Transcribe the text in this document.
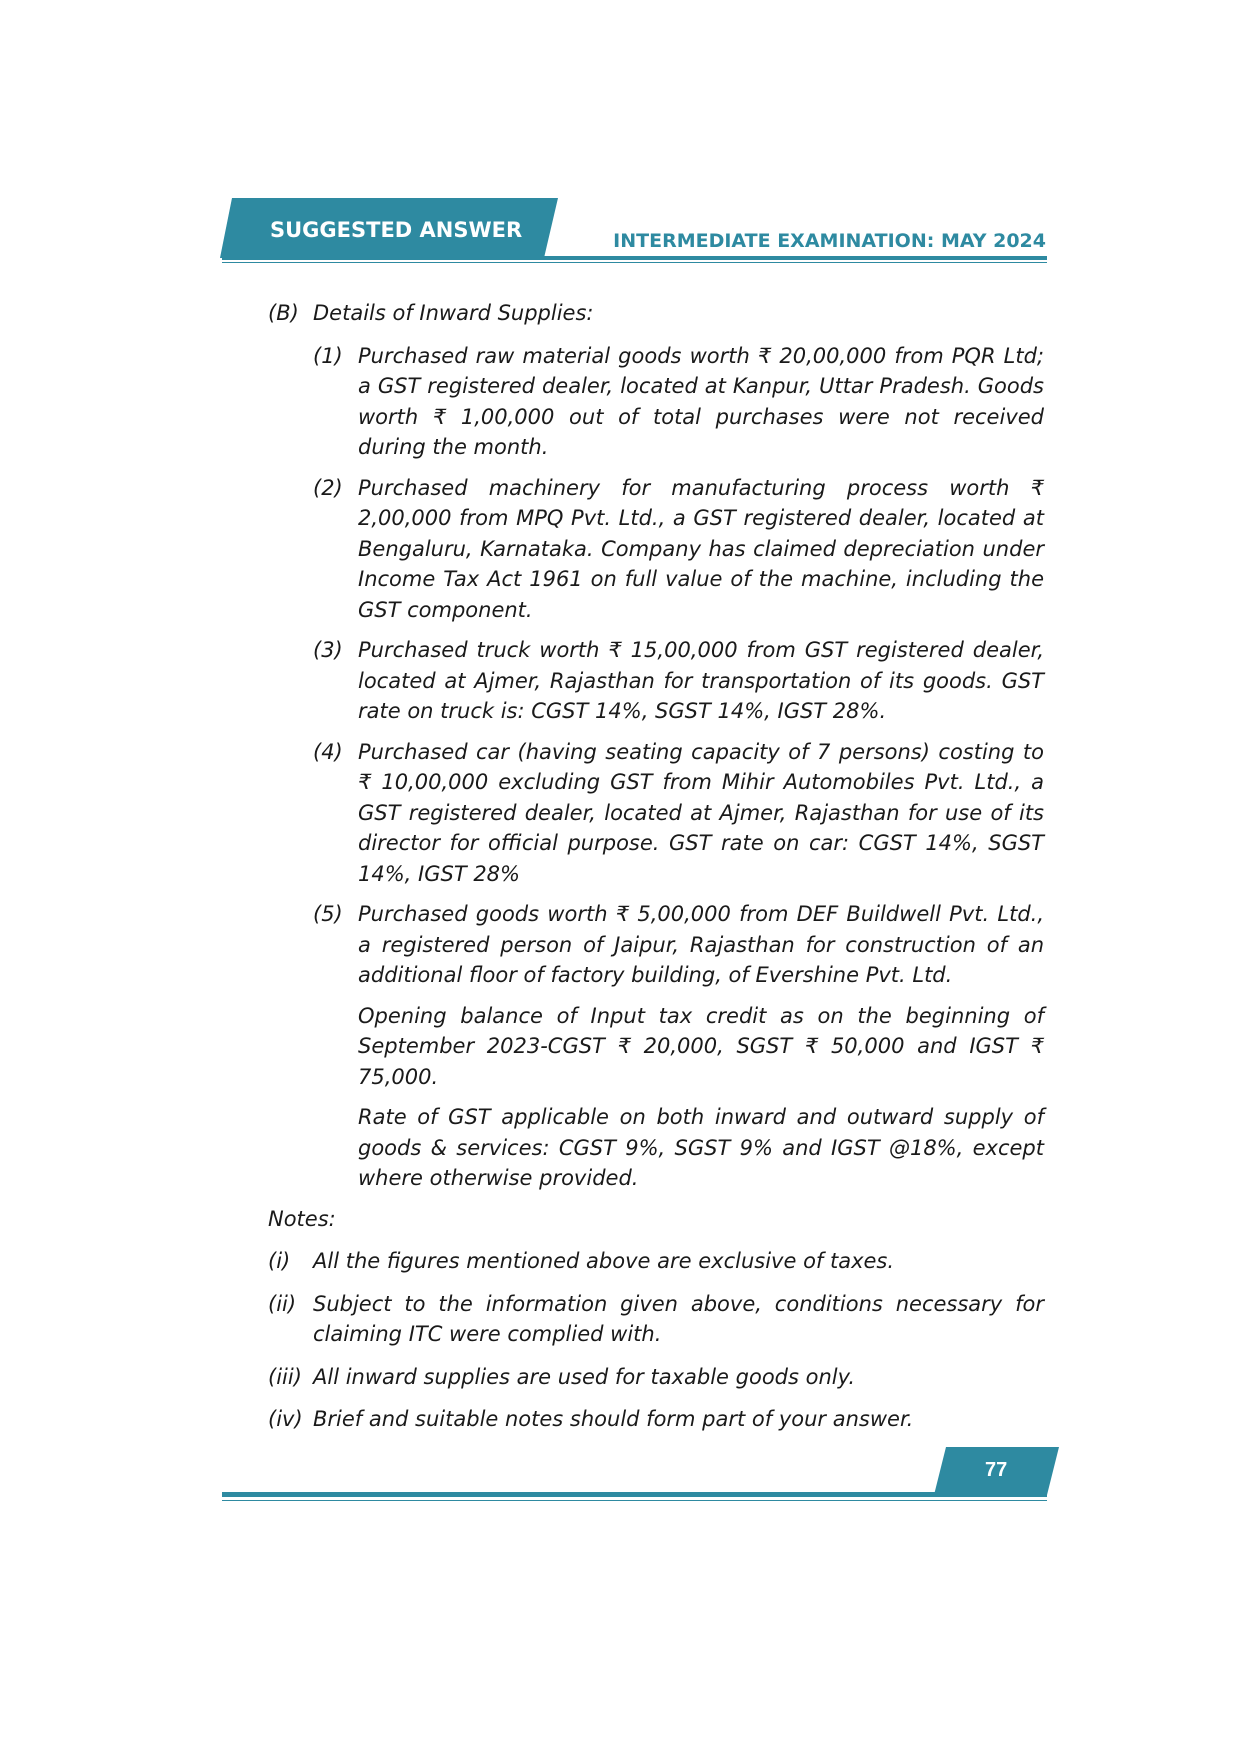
SUGGESTED ANSWER	INTERMEDIATE EXAMINATION: MAY 2024
(B) Details of Inward Supplies:
(1) Purchased raw material goods worth ₹ 20,00,000 from PQR Ltd; a GST registered dealer, located at Kanpur, Uttar Pradesh. Goods worth ₹ 1,00,000 out of total purchases were not received during the month.
(2) Purchased machinery for manufacturing process worth ₹ 2,00,000 from MPQ Pvt. Ltd., a GST registered dealer, located at Bengaluru, Karnataka. Company has claimed depreciation under Income Tax Act 1961 on full value of the machine, including the GST component.
(3) Purchased truck worth ₹ 15,00,000 from GST registered dealer, located at Ajmer, Rajasthan for transportation of its goods. GST rate on truck is: CGST 14%, SGST 14%, IGST 28%.
(4) Purchased car (having seating capacity of 7 persons) costing to ₹ 10,00,000 excluding GST from Mihir Automobiles Pvt. Ltd., a GST registered dealer, located at Ajmer, Rajasthan for use of its director for official purpose. GST rate on car: CGST 14%, SGST 14%, IGST 28%
(5) Purchased goods worth ₹ 5,00,000 from DEF Buildwell Pvt. Ltd., a registered person of Jaipur, Rajasthan for construction of an additional floor of factory building, of Evershine Pvt. Ltd.

Opening balance of Input tax credit as on the beginning of September 2023-CGST ₹ 20,000, SGST ₹ 50,000 and IGST ₹ 75,000.

Rate of GST applicable on both inward and outward supply of goods & services: CGST 9%, SGST 9% and IGST @18%, except where otherwise provided.

Notes:
(i)	All the figures mentioned above are exclusive of taxes.
(ii) Subject to the information given above, conditions necessary for claiming ITC were complied with.
(iii) All inward supplies are used for taxable goods only.
(iv) Brief and suitable notes should form part of your answer.
77
